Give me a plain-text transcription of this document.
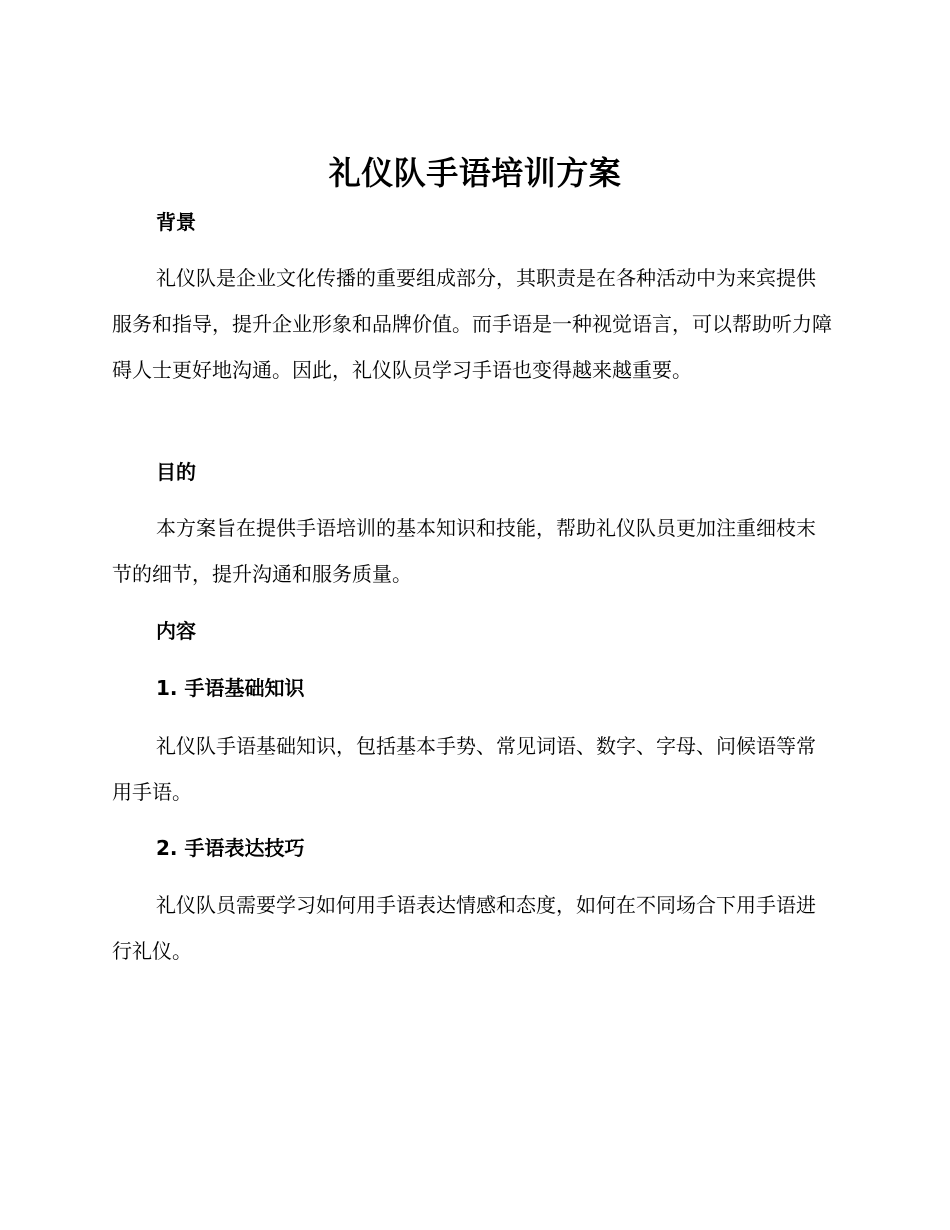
礼仪队手语培训方案
背景

礼仪队是企业文化传播的重要组成部分，其职责是在各种活动中为来宾提供服务和指导，提升企业形象和品牌价值。而手语是一种视觉语言，可以帮助听力障碍人士更好地沟通。因此，礼仪队员学习手语也变得越来越重要。

目的

本方案旨在提供手语培训的基本知识和技能，帮助礼仪队员更加注重细枝末节的细节，提升沟通和服务质量。

内容
1. 手语基础知识

礼仪队手语基础知识，包括基本手势、常见词语、数字、字母、问候语等常用手语。

2. 手语表达技巧

礼仪队员需要学习如何用手语表达情感和态度，如何在不同场合下用手语进行礼仪。
